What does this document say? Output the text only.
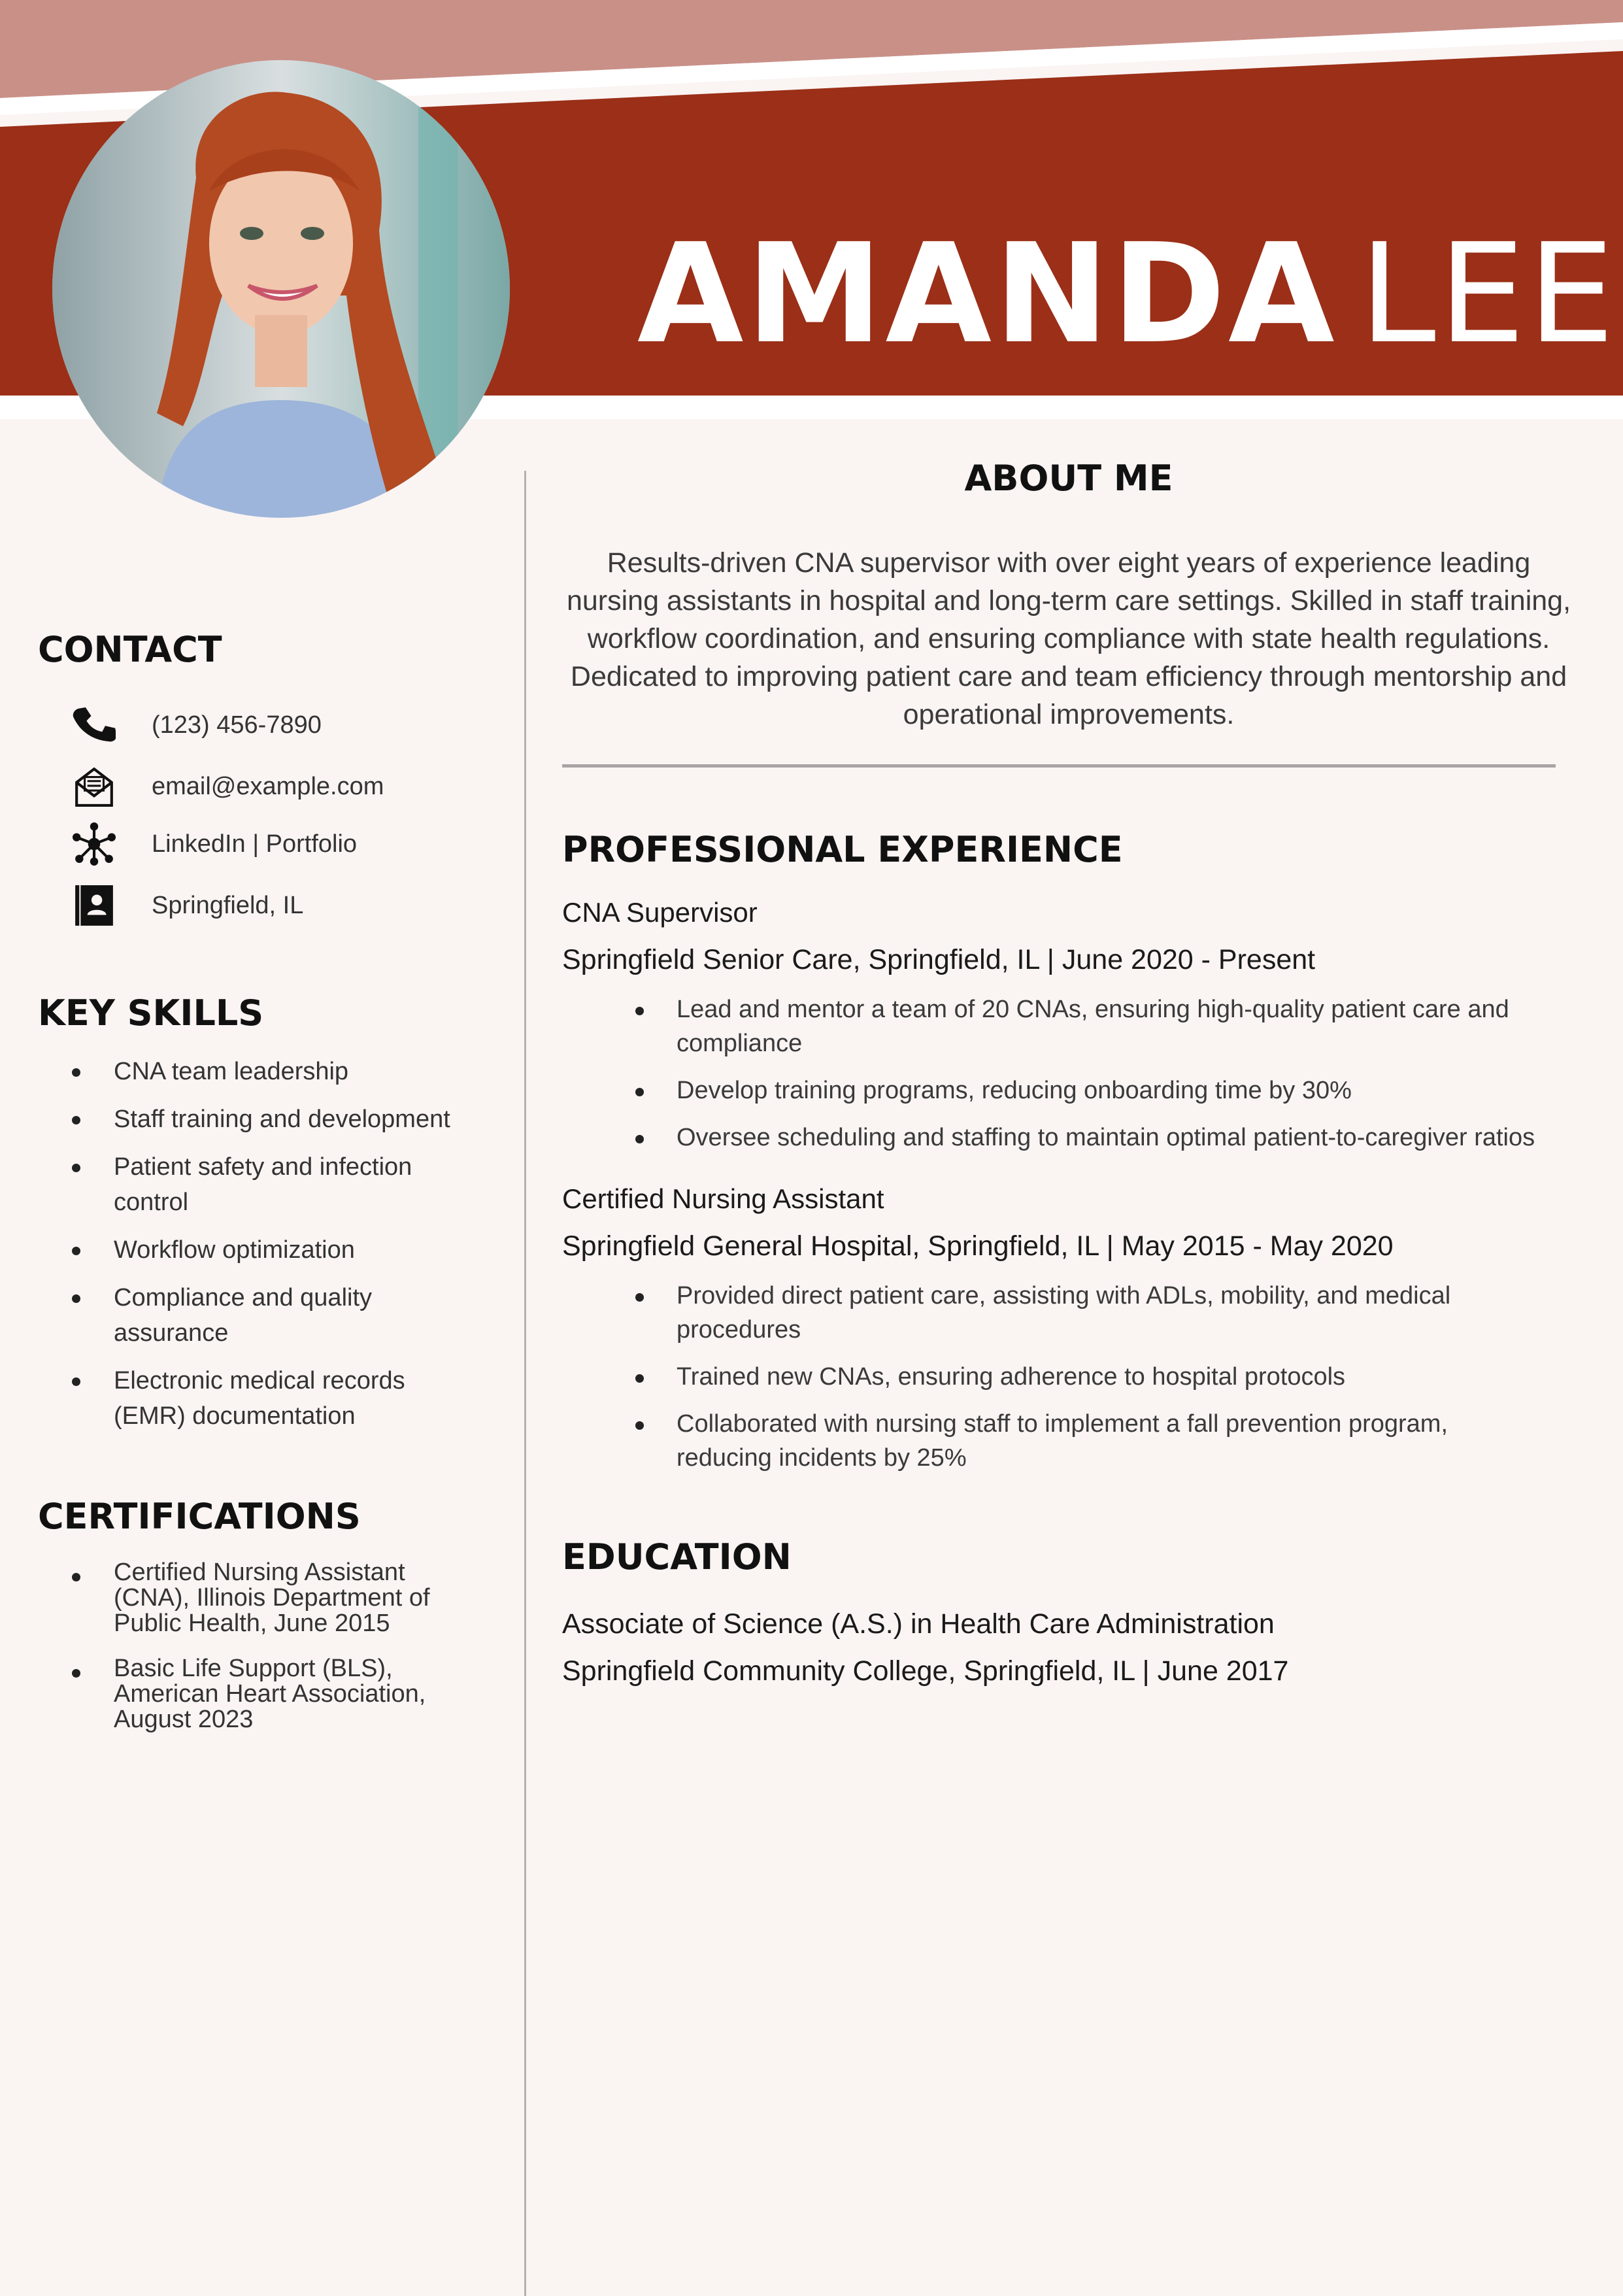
AMANDA LEE
CONTACT
(123) 456-7890
email@example.com
LinkedIn | Portfolio
Springfield, IL
KEY SKILLS
CNA team leadership
Staff training and development
Patient safety and infection control
Workflow optimization
Compliance and quality assurance
Electronic medical records (EMR) documentation
CERTIFICATIONS
Certified Nursing Assistant (CNA), Illinois Department of Public Health, June 2015
Basic Life Support (BLS), American Heart Association, August 2023
ABOUT ME

Results-driven CNA supervisor with over eight years of experience leading nursing assistants in hospital and long-term care settings. Skilled in staff training, workflow coordination, and ensuring compliance with state health regulations. Dedicated to improving patient care and team efficiency through mentorship and operational improvements.

PROFESSIONAL EXPERIENCE
CNA Supervisor
Springfield Senior Care, Springfield, IL | June 2020 - Present
Lead and mentor a team of 20 CNAs, ensuring high-quality patient care and compliance
Develop training programs, reducing onboarding time by 30%
Oversee scheduling and staffing to maintain optimal patient-to-caregiver ratios
Certified Nursing Assistant
Springfield General Hospital, Springfield, IL | May 2015 - May 2020
Provided direct patient care, assisting with ADLs, mobility, and medical procedures
Trained new CNAs, ensuring adherence to hospital protocols
Collaborated with nursing staff to implement a fall prevention program, reducing incidents by 25%
EDUCATION
Associate of Science (A.S.) in Health Care Administration
Springfield Community College, Springfield, IL | June 2017
